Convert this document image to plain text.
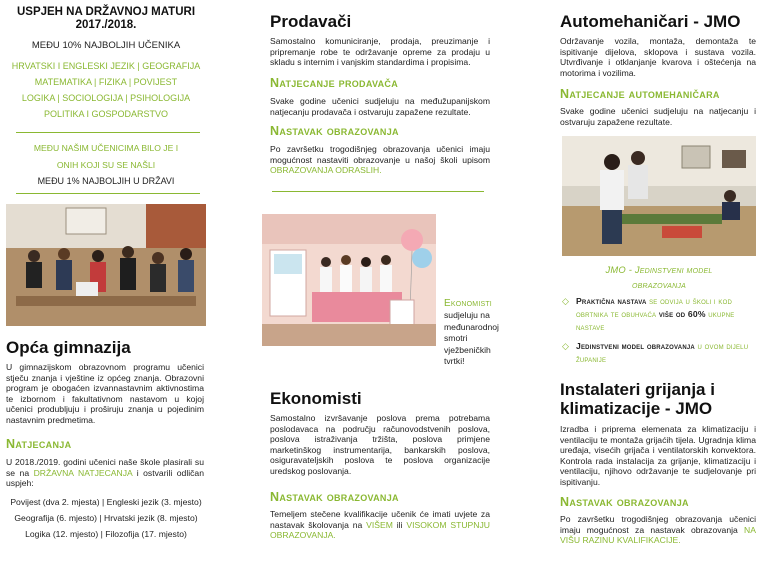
USPJEH NA DRŽAVNOJ MATURI 2017./2018.

MEĐU 10% NAJBOLJIH UČENIKA

HRVATSKI I ENGLESKI JEZIK | GEOGRAFIJA
MATEMATIKA | FIZIKA | POVIJEST
LOGIKA | SOCIOLOGIJA | PSIHOLOGIJA
POLITIKA I GOSPODARSTVO

MEĐU NAŠIM UČENICIMA BILO JE I

ONIH KOJI SU SE NAŠLI

MEĐU 1% NAJBOLJIH U DRŽAVI

Opća gimnazija

U gimnazijskom obrazovnom programu učenici stječu znanja i vještine iz općeg znanja. Obrazovni program je obogaćen izvannastavnim aktivnostima te izbornom i fakultativnom nastavom u kojoj učenici produbljuju i proširuju znanja u pojedinim nastavnim predmetima.

Natjecanja

U 2018./2019. godini učenici naše škole plasirali su se na DRŽAVNA NATJECANJA i ostvarili odličan uspjeh:

Povijest (dva 2. mjesta) | Engleski jezik (3. mjesto)
Geografija (6. mjesto) | Hrvatski jezik (8. mjesto)
Logika (12. mjesto) | Filozofija (17. mjesto)

Prodavači

Samostalno komuniciranje, prodaja, preuzimanje i pripremanje robe te održavanje opreme za prodaju u skladu s internim i vanjskim standardima i propisima.

Natjecanje prodavača

Svake godine učenici sudjeluju na međužupanijskom natjecanju prodavača i ostvaruju zapažene rezultate.

Nastavak obrazovanja

Po završetku trogodišnjeg obrazovanja učenici imaju mogućnost nastaviti obrazovanje u našoj školi upisom OBRAZOVANJA ODRASLIH.

Ekonomisti

sudjeluju na međunarodnoj smotri vježbeničkih tvrtki!

Ekonomisti

Samostalno izvršavanje poslova prema potrebama poslodavaca na području računovodstvenih poslova, poslova istraživanja tržišta, poslova primjene marketinškog instrumentarija, bankarskih poslova, osiguravateljskih poslova te poslova organizacije uredskog poslovanja.

Nastavak obrazovanja

Temeljem stečene kvalifikacije učenik će imati uvjete za nastavak školovanja na VIŠEM ili VISOKOM STUPNJU OBRAZOVANJA.

Automehaničari - JMO

Održavanje vozila, montaža, demontaža te ispitivanje dijelova, sklopova i sustava vozila. Utvrđivanje i otklanjanje kvarova i oštećenja na motorima i vozilima.

Natjecanje automehaničara

Svake godine učenici sudjeluju na natjecanju i ostvaruju zapažene rezultate.

JMO - Jedinstveni model obrazovanja

◇ Praktična nastava se odvija u školi i kod obrtnika te obuhvaća više od 60% ukupne nastave
◇ Jedinstveni model obrazovanja u ovom dijelu županije

Instalateri grijanja i klimatizacije - JMO

Izradba i priprema elemenata za klimatizaciju i ventilaciju te montaža grijaćih tijela. Ugradnja klima uređaja, visećih grijača i ventilatorskih konvektora. Kontrola rada instalacija za grijanje, klimatizaciju i ventilaciju, njihovo održavanje te sudjelovanje pri ispitivanju.

Nastavak obrazovanja

Po završetku trogodišnjeg obrazovanja učenici imaju mogućnost za nastavak obrazovanja NA VIŠU RAZINU KVALIFIKACIJE.
